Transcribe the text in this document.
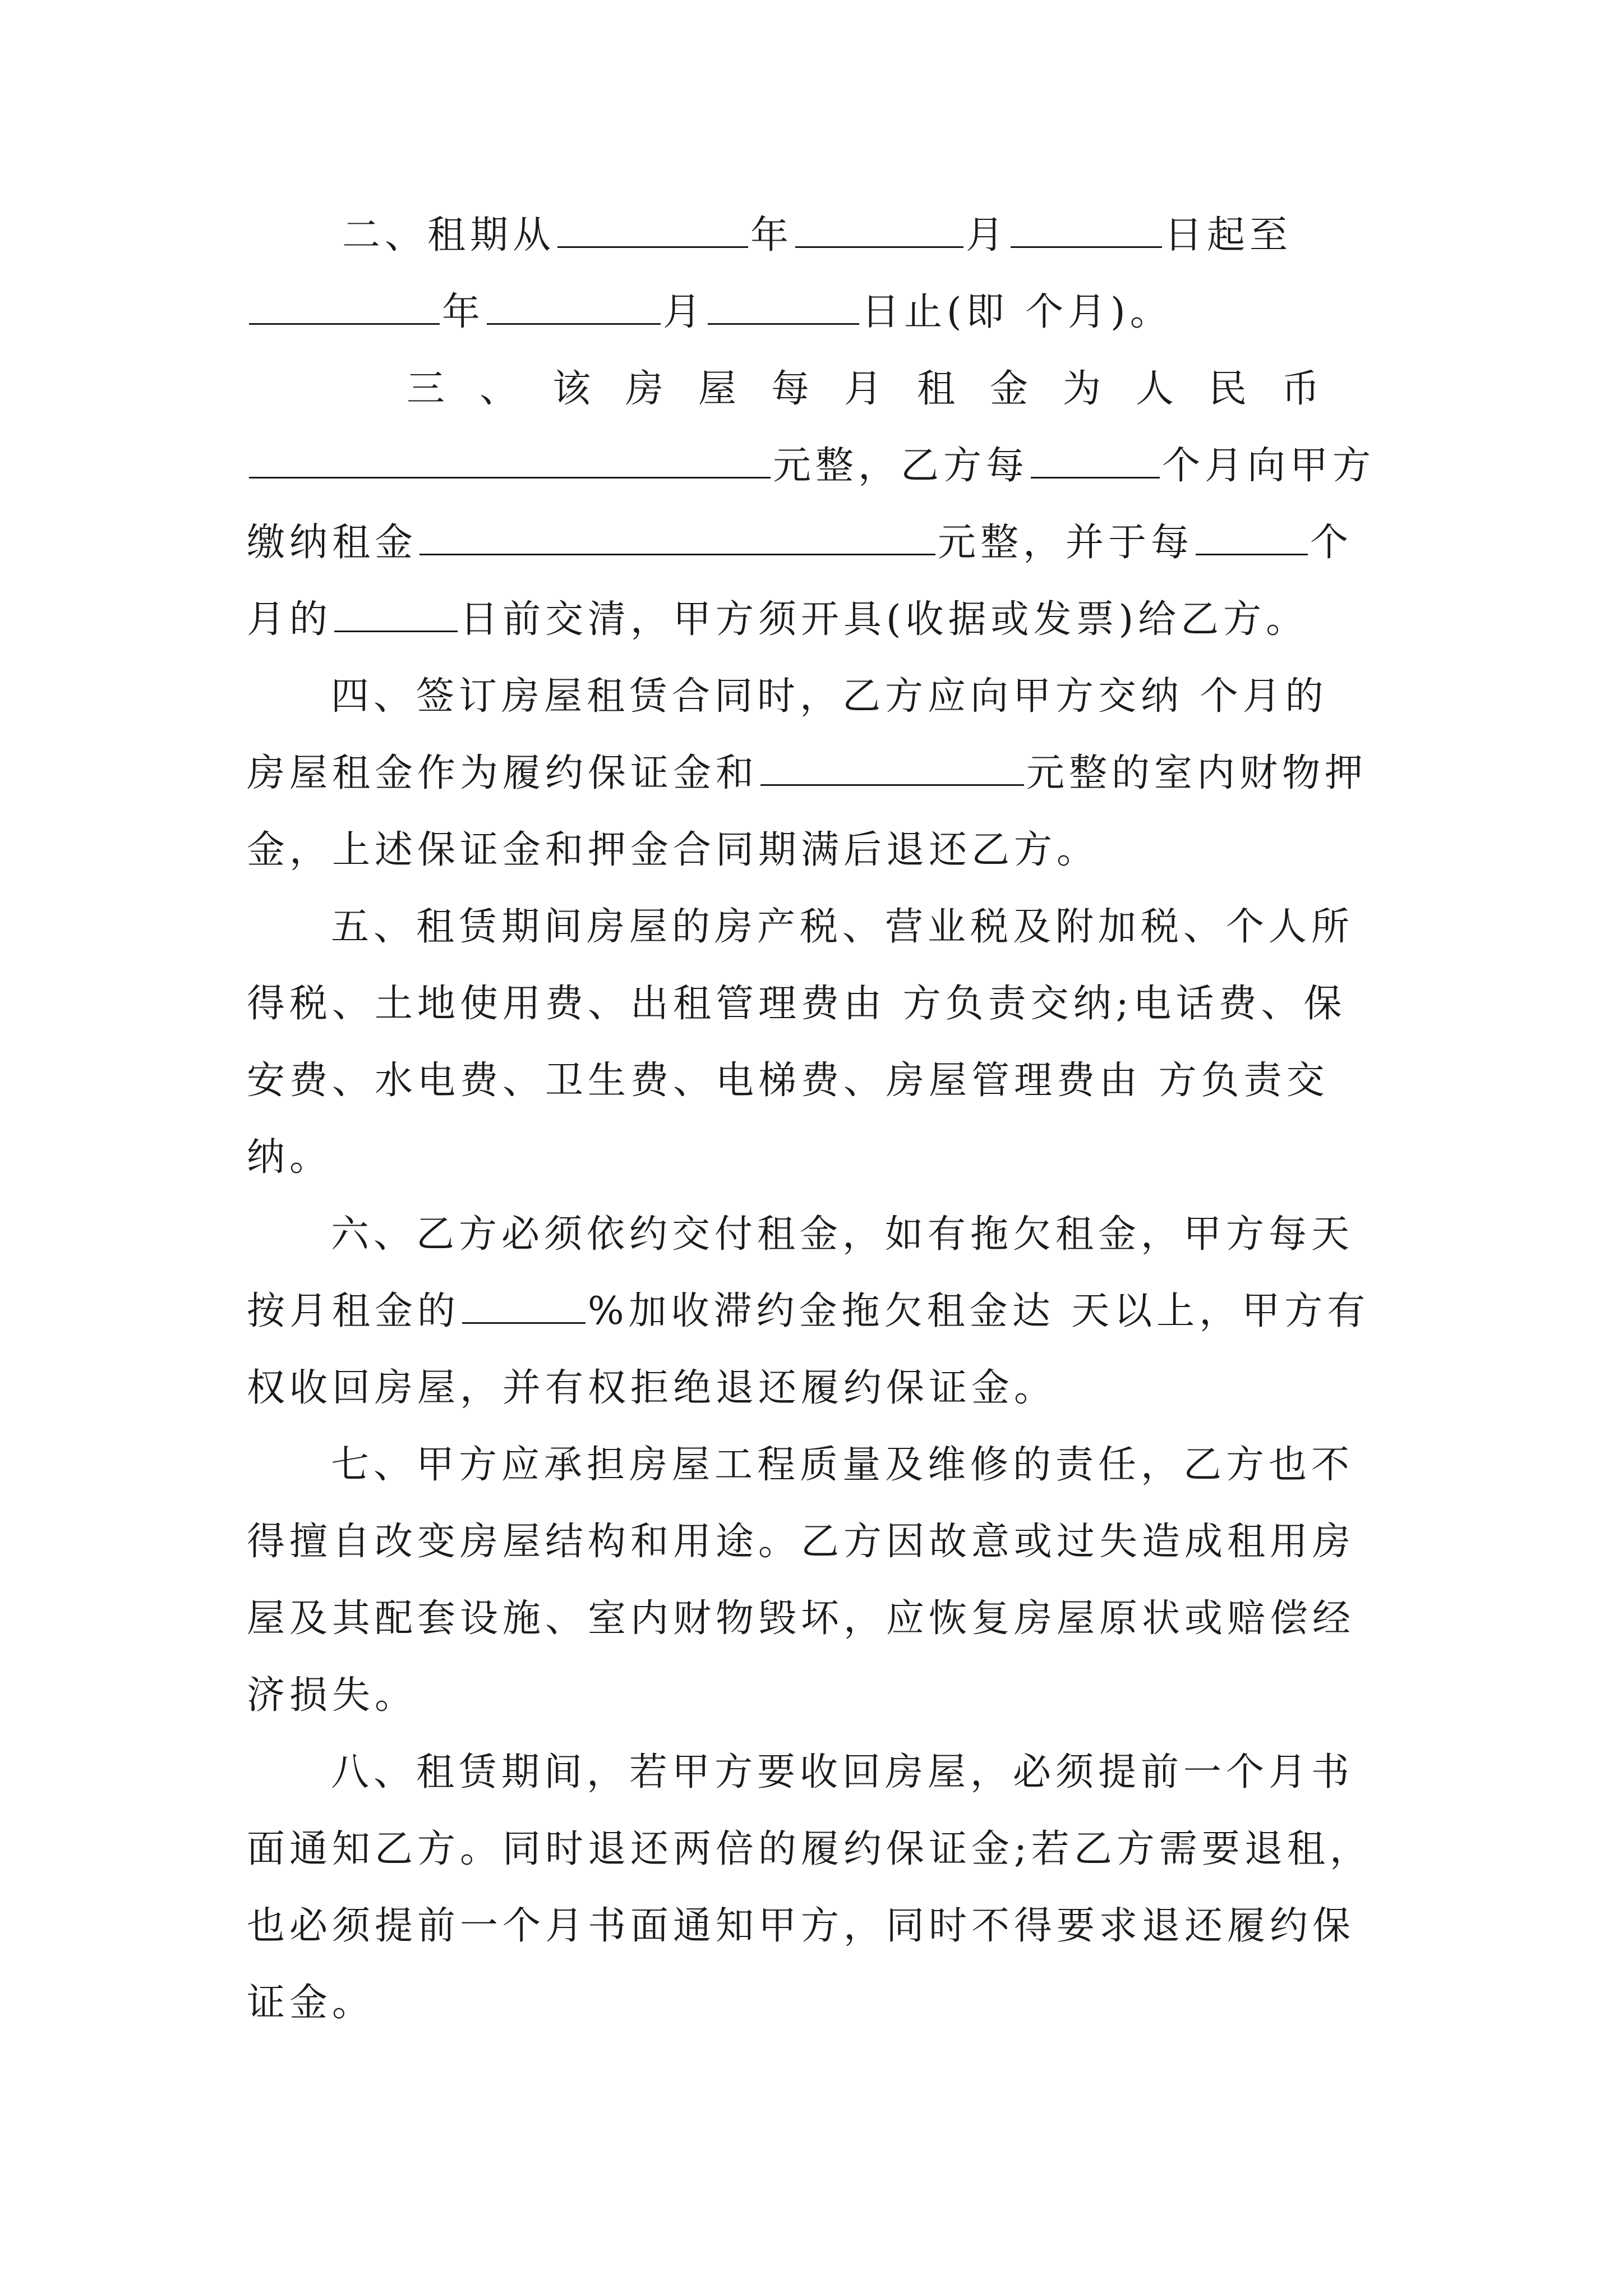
二、租期从	年	月	日起至
年	月	日止(即 个月)。
三、该房屋每月租金为人民币
元整，乙方每	个月向甲方
缴纳租金	元整，并于每	个
月的	日前交清，甲方须开具(收据或发票)给乙方。
四、签订房屋租赁合同时，乙方应向甲方交纳 个月的
房屋租金作为履约保证金和	元整的室内财物押
金，上述保证金和押金合同期满后退还乙方。
五、租赁期间房屋的房产税、营业税及附加税、个人所
得税、土地使用费、出租管理费由 方负责交纳;电话费、保
安费、水电费、卫生费、电梯费、房屋管理费由 方负责交
纳。
六、乙方必须依约交付租金，如有拖欠租金，甲方每天
按月租金的	%加收滞约金拖欠租金达 天以上，甲方有
权收回房屋，并有权拒绝退还履约保证金。
七、甲方应承担房屋工程质量及维修的责任，乙方也不
得擅自改变房屋结构和用途。乙方因故意或过失造成租用房
屋及其配套设施、室内财物毁坏，应恢复房屋原状或赔偿经
济损失。
八、租赁期间，若甲方要收回房屋，必须提前一个月书
面通知乙方。同时退还两倍的履约保证金;若乙方需要退租，
也必须提前一个月书面通知甲方，同时不得要求退还履约保
证金。
